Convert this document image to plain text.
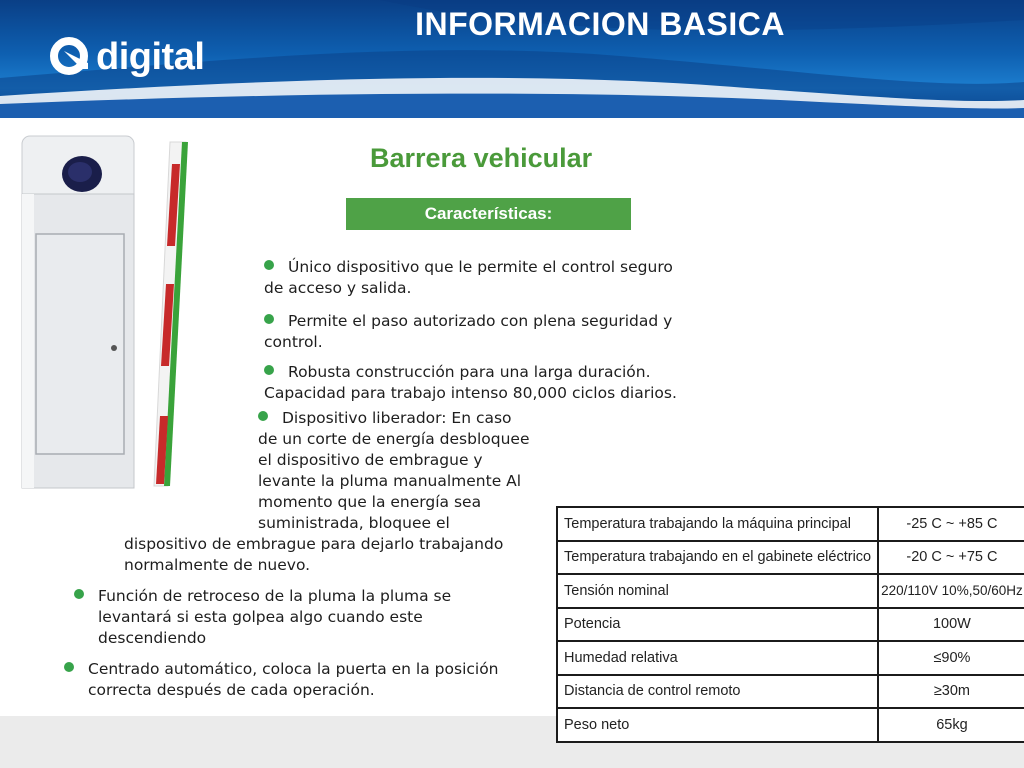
digital
INFORMACION BASICA
Barrera vehicular
Características:
Único dispositivo que le permite el control seguro
de acceso y salida.
Permite el paso autorizado con plena seguridad y
control.
Robusta construcción para una larga duración.
Capacidad para trabajo intenso 80,000 ciclos diarios.
Dispositivo liberador: En caso
de un corte de energía desbloquee
el dispositivo de embrague y
levante la pluma manualmente Al
momento que la energía sea
suministrada, bloquee el
dispositivo de embrague para dejarlo trabajando
normalmente de nuevo.
Función de retroceso de la pluma la pluma se
levantará si esta golpea algo cuando este
descendiendo
Centrado automático, coloca la puerta en la posición
correcta después de cada operación.
Temperatura trabajando la máquina principal	-25 C ~ +85 C
Temperatura trabajando en el gabinete eléctrico	-20 C ~ +75 C
Tensión nominal	220/110V 10%,50/60Hz
Potencia	100W
Humedad relativa	≤90%
Distancia de control remoto	≥30m
Peso neto	65kg
